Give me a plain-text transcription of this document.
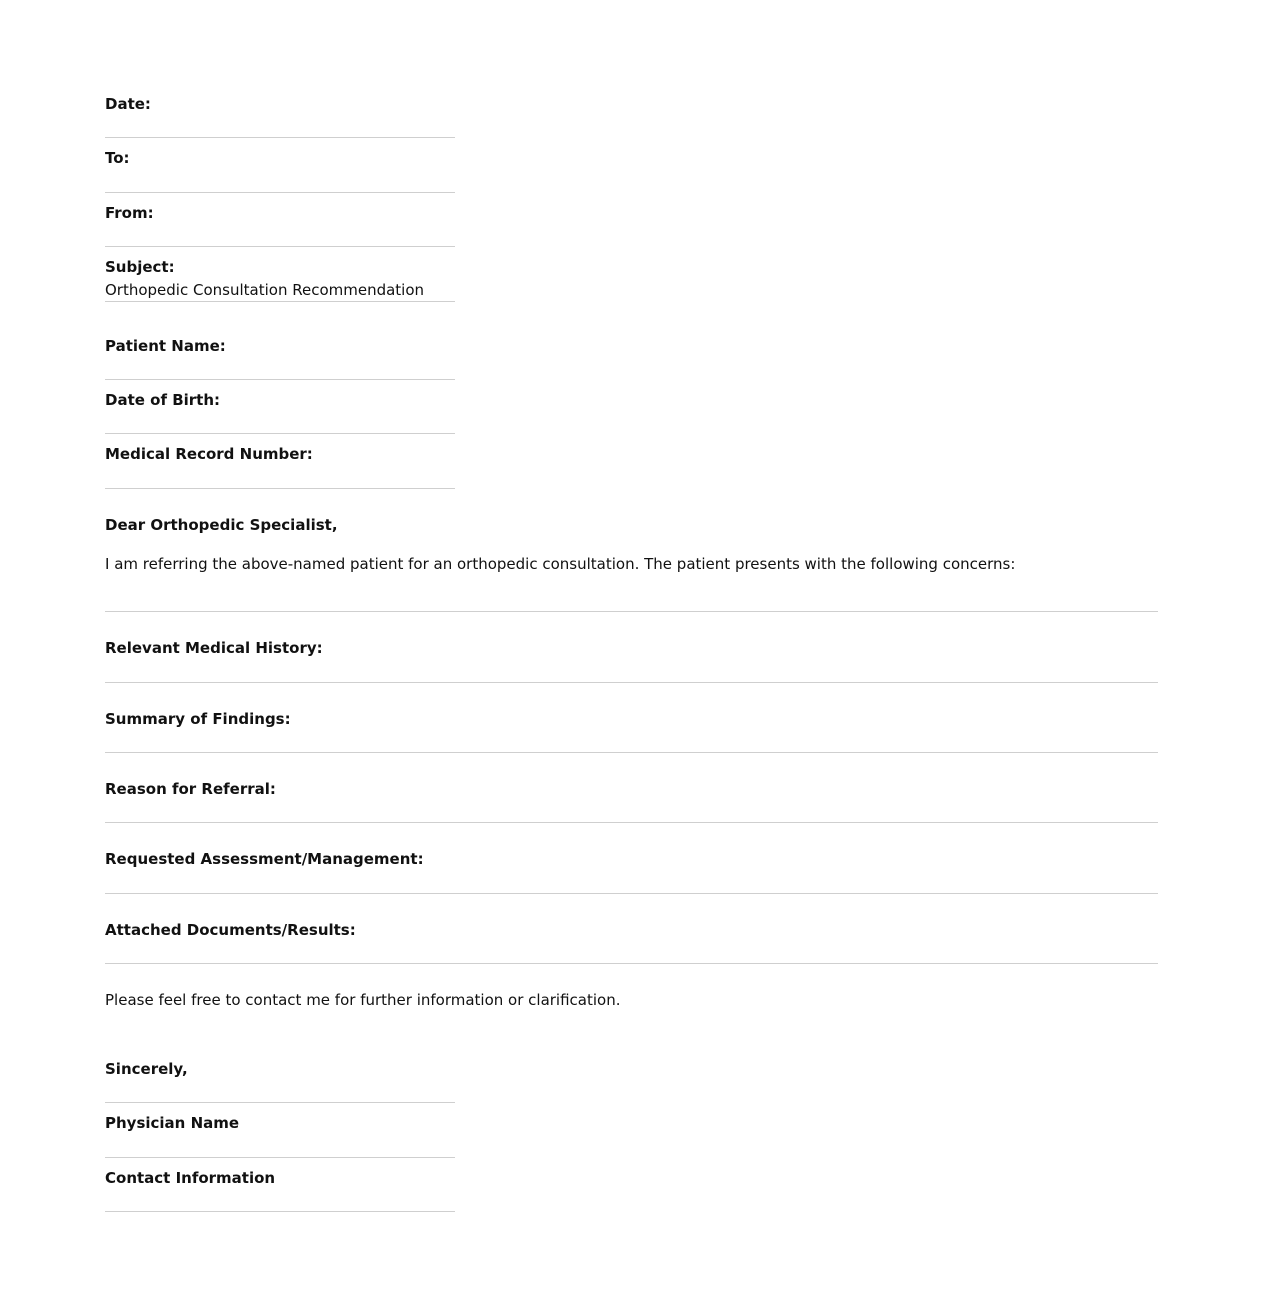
Date:
To:
From:
Subject:
Orthopedic Consultation Recommendation
Patient Name:
Date of Birth:
Medical Record Number:
Dear Orthopedic Specialist,
I am referring the above-named patient for an orthopedic consultation. The patient presents with the following concerns:
Relevant Medical History:
Summary of Findings:
Reason for Referral:
Requested Assessment/Management:
Attached Documents/Results:
Please feel free to contact me for further information or clarification.
Sincerely,
Physician Name
Contact Information
